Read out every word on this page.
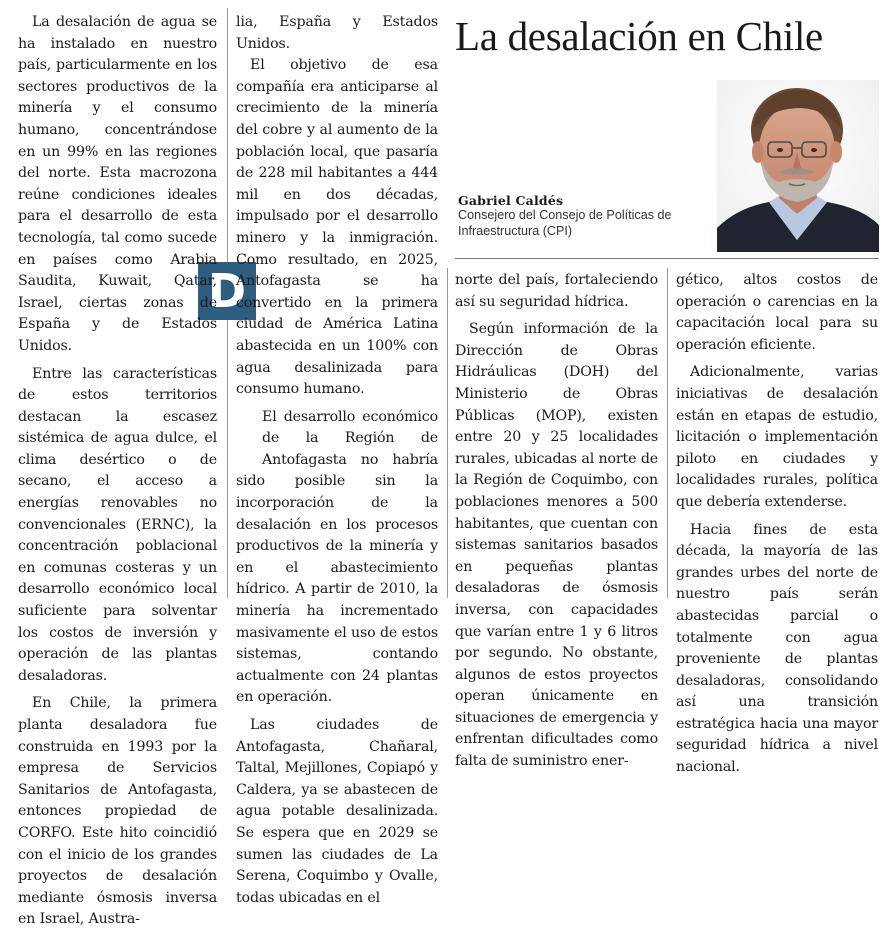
La desalación en Chile
Gabriel Caldés
Consejero del Consejo de Políticas de
Infraestructura (CPI)
D

La desalación de agua se ha instalado en nuestro país, particularmente en los sectores productivos de la minería y el consumo humano, concentrándose en un 99% en las regiones del norte. Esta macrozona reúne condiciones ideales para el desarrollo de esta tecnología, tal como sucede en países como Arabia Saudita, Kuwait, Qatar, Israel, ciertas zonas de España y de Estados Unidos.

Entre las características de estos territorios destacan la escasez sistémica de agua dulce, el clima desértico o de secano, el acceso a energías renovables no convencionales (ERNC), la concentración poblacional en comunas costeras y un desarrollo económico local suficiente para solventar los costos de inversión y operación de las plantas desaladoras.

En Chile, la primera planta desaladora fue construida en 1993 por la empresa de Servicios Sanitarios de Antofagasta, entonces propiedad de CORFO. Este hito coincidió con el inicio de los grandes proyectos de desalación mediante ósmosis inversa en Israel, Austra-

lia, España y Estados Unidos.

El objetivo de esa compañía era anticiparse al crecimiento de la minería del cobre y al aumento de la población local, que pasaría de 228 mil habitantes a 444 mil en dos décadas, impulsado por el desarrollo minero y la inmigración. Como resultado, en 2025, Antofagasta se ha convertido en la primera ciudad de América Latina abastecida en un 100% con agua desalinizada para consumo humano.

El desarrollo económico de la Región de Antofagasta no habría sido posible sin la incorporación de la desalación en los procesos productivos de la minería y en el abastecimiento hídrico. A partir de 2010, la minería ha incrementado masivamente el uso de estos sistemas, contando actualmente con 24 plantas en operación.

Las ciudades de Antofagasta, Chañaral, Taltal, Mejillones, Copiapó y Caldera, ya se abastecen de agua potable desalinizada. Se espera que en 2029 se sumen las ciudades de La Serena, Coquimbo y Ovalle, todas ubicadas en el

norte del país, fortaleciendo así su seguridad hídrica.

Según información de la Dirección de Obras Hidráulicas (DOH) del Ministerio de Obras Públicas (MOP), existen entre 20 y 25 localidades rurales, ubicadas al norte de la Región de Coquimbo, con poblaciones menores a 500 habitantes, que cuentan con sistemas sanitarios basados en pequeñas plantas desaladoras de ósmosis inversa, con capacidades que varían entre 1 y 6 litros por segundo. No obstante, algunos de estos proyectos operan únicamente en situaciones de emergencia y enfrentan dificultades como falta de suministro ener-

gético, altos costos de operación o carencias en la capacitación local para su operación eficiente.

Adicionalmente, varias iniciativas de desalación están en etapas de estudio, licitación o implementación piloto en ciudades y localidades rurales, política que debería extenderse.

Hacia fines de esta década, la mayoría de las grandes urbes del norte de nuestro país serán abastecidas parcial o totalmente con agua proveniente de plantas desaladoras, consolidando así una transición estratégica hacia una mayor seguridad hídrica a nivel nacional.
